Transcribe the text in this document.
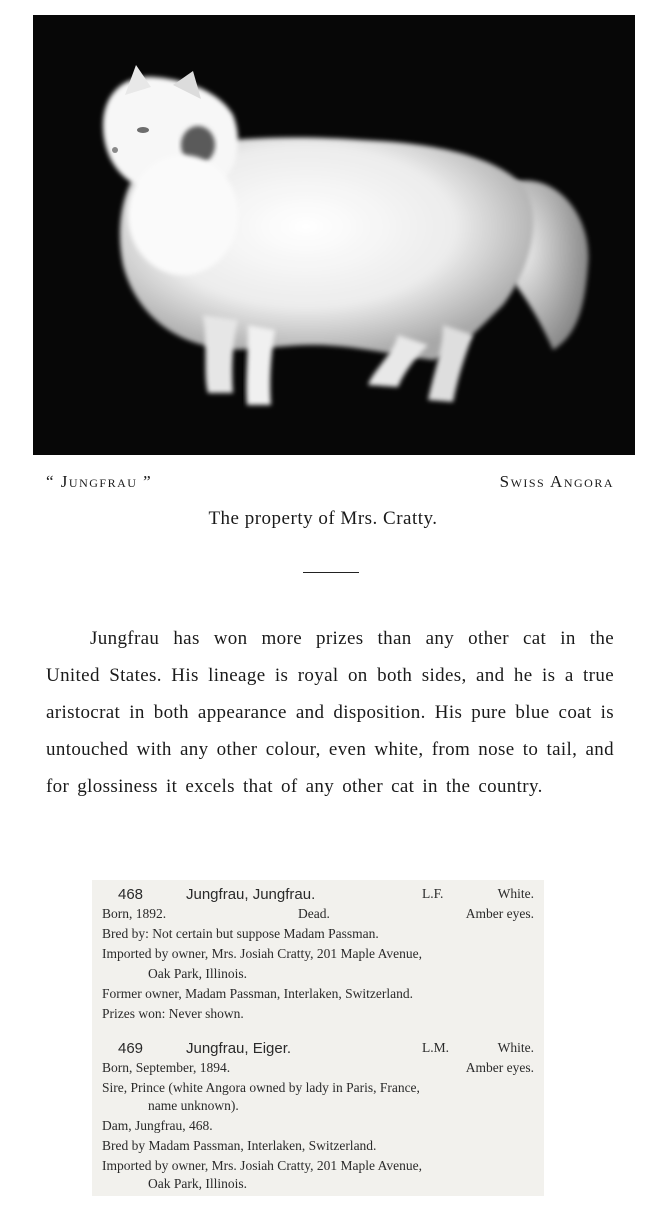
“ Jungfrau ”	Swiss Angora
The property of Mrs. Cratty.

Jungfrau has won more prizes than any other cat in the United States. His lineage is royal on both sides, and he is a true aristocrat in both appearance and disposition. His pure blue coat is untouched with any other colour, even white, from nose to tail, and for glossiness it excels that of any other cat in the country.

468	Jungfrau, Jungfrau.	L.F.	White.
Born, 1892.	Dead.	Amber eyes.
Bred by: Not certain but suppose Madam Passman.
Imported by owner, Mrs. Josiah Cratty, 201 Maple Avenue,
Oak Park, Illinois.
Former owner, Madam Passman, Interlaken, Switzerland.
Prizes won: Never shown.
469	Jungfrau, Eiger.	L.M.	White.
Born, September, 1894.	Amber eyes.
Sire, Prince (white Angora owned by lady in Paris, France,
name unknown).
Dam, Jungfrau, 468.
Bred by Madam Passman, Interlaken, Switzerland.
Imported by owner, Mrs. Josiah Cratty, 201 Maple Avenue,
Oak Park, Illinois.
